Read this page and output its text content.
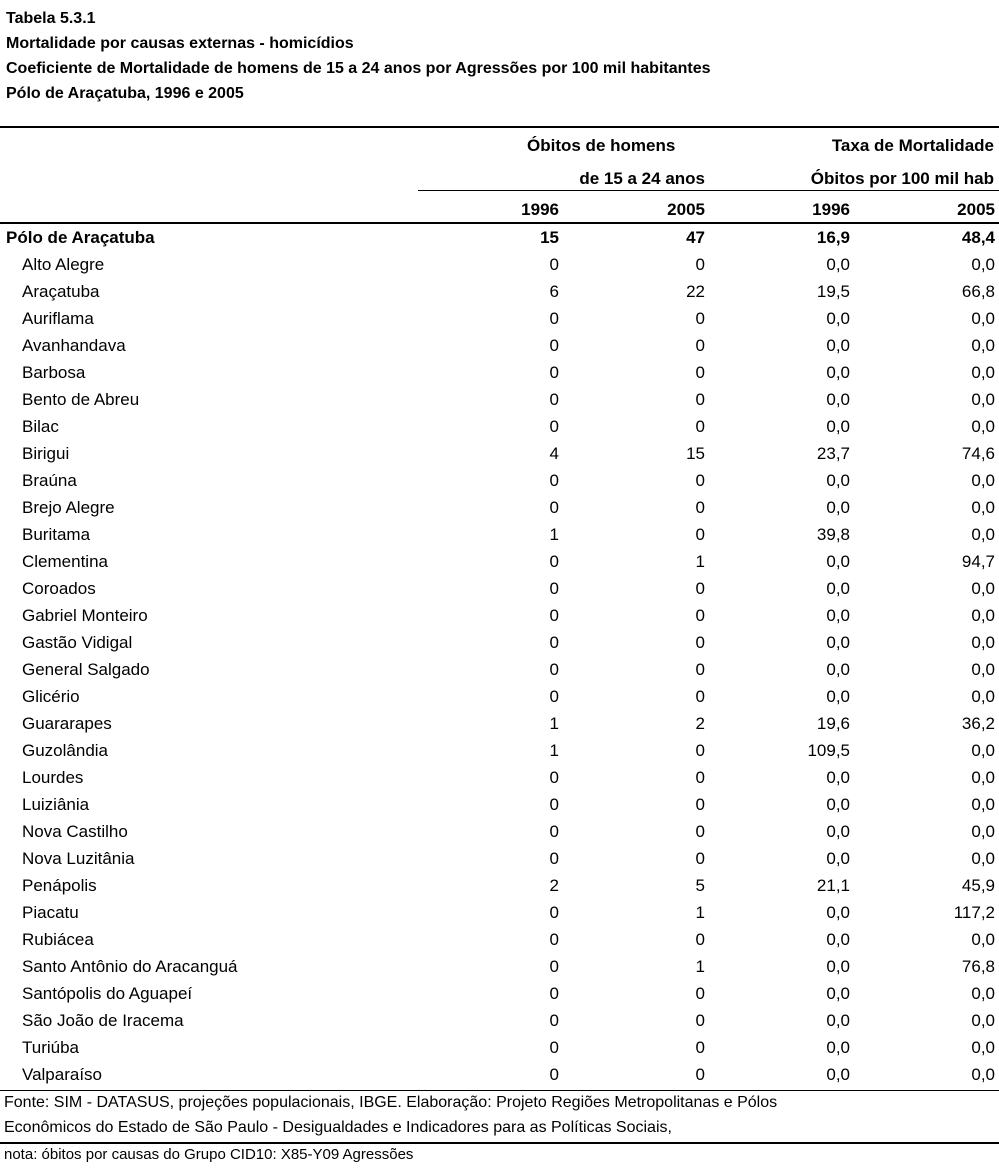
Tabela 5.3.1
Mortalidade por causas externas - homicídios
Coeficiente de Mortalidade de homens de 15 a 24 anos por Agressões por 100 mil habitantes
Pólo de Araçatuba, 1996 e 2005
Óbitos de homens	Taxa de Mortalidade
de 15 a 24 anos	Óbitos por 100 mil hab
1996	2005	1996	2005
Pólo de Araçatuba	15	47	16,9	48,4
Alto Alegre	0	0	0,0	0,0
Araçatuba	6	22	19,5	66,8
Auriflama	0	0	0,0	0,0
Avanhandava	0	0	0,0	0,0
Barbosa	0	0	0,0	0,0
Bento de Abreu	0	0	0,0	0,0
Bilac	0	0	0,0	0,0
Birigui	4	15	23,7	74,6
Braúna	0	0	0,0	0,0
Brejo Alegre	0	0	0,0	0,0
Buritama	1	0	39,8	0,0
Clementina	0	1	0,0	94,7
Coroados	0	0	0,0	0,0
Gabriel Monteiro	0	0	0,0	0,0
Gastão Vidigal	0	0	0,0	0,0
General Salgado	0	0	0,0	0,0
Glicério	0	0	0,0	0,0
Guararapes	1	2	19,6	36,2
Guzolândia	1	0	109,5	0,0
Lourdes	0	0	0,0	0,0
Luiziânia	0	0	0,0	0,0
Nova Castilho	0	0	0,0	0,0
Nova Luzitânia	0	0	0,0	0,0
Penápolis	2	5	21,1	45,9
Piacatu	0	1	0,0	117,2
Rubiácea	0	0	0,0	0,0
Santo Antônio do Aracanguá	0	1	0,0	76,8
Santópolis do Aguapeí	0	0	0,0	0,0
São João de Iracema	0	0	0,0	0,0
Turiúba	0	0	0,0	0,0
Valparaíso	0	0	0,0	0,0
Fonte: SIM - DATASUS, projeções populacionais, IBGE. Elaboração: Projeto Regiões Metropolitanas e Pólos
Econômicos do Estado de São Paulo - Desigualdades e Indicadores para as Políticas Sociais,
nota: óbitos por causas do Grupo CID10: X85-Y09 Agressões
